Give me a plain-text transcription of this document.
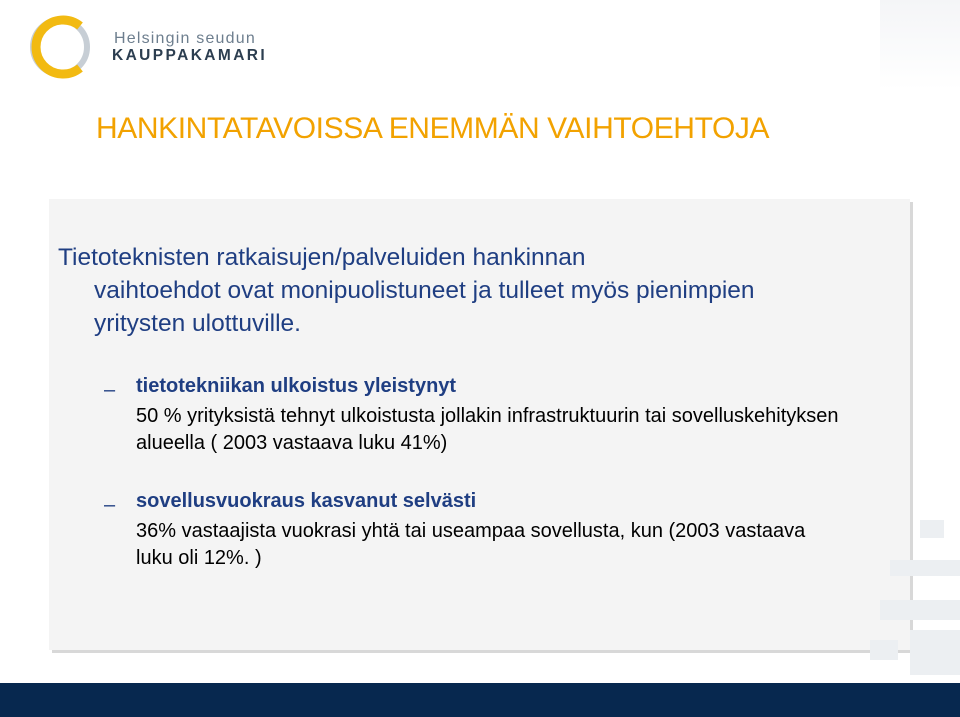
Helsingin seudun
KAUPPAKAMARI
HANKINTATAVOISSA ENEMMÄN VAIHTOEHTOJA
Tietoteknisten ratkaisujen/palveluiden hankinnan
vaihtoehdot ovat monipuolistuneet ja tulleet myös pienimpien yritysten ulottuville.
– tietotekniikan ulkoistus yleistynyt
50 % yrityksistä tehnyt ulkoistusta jollakin infrastruktuurin tai sovelluskehityksen alueella ( 2003 vastaava luku 41%)
– sovellusvuokraus kasvanut selvästi
36% vastaajista vuokrasi yhtä tai useampaa sovellusta, kun (2003 vastaava luku oli 12%. )
